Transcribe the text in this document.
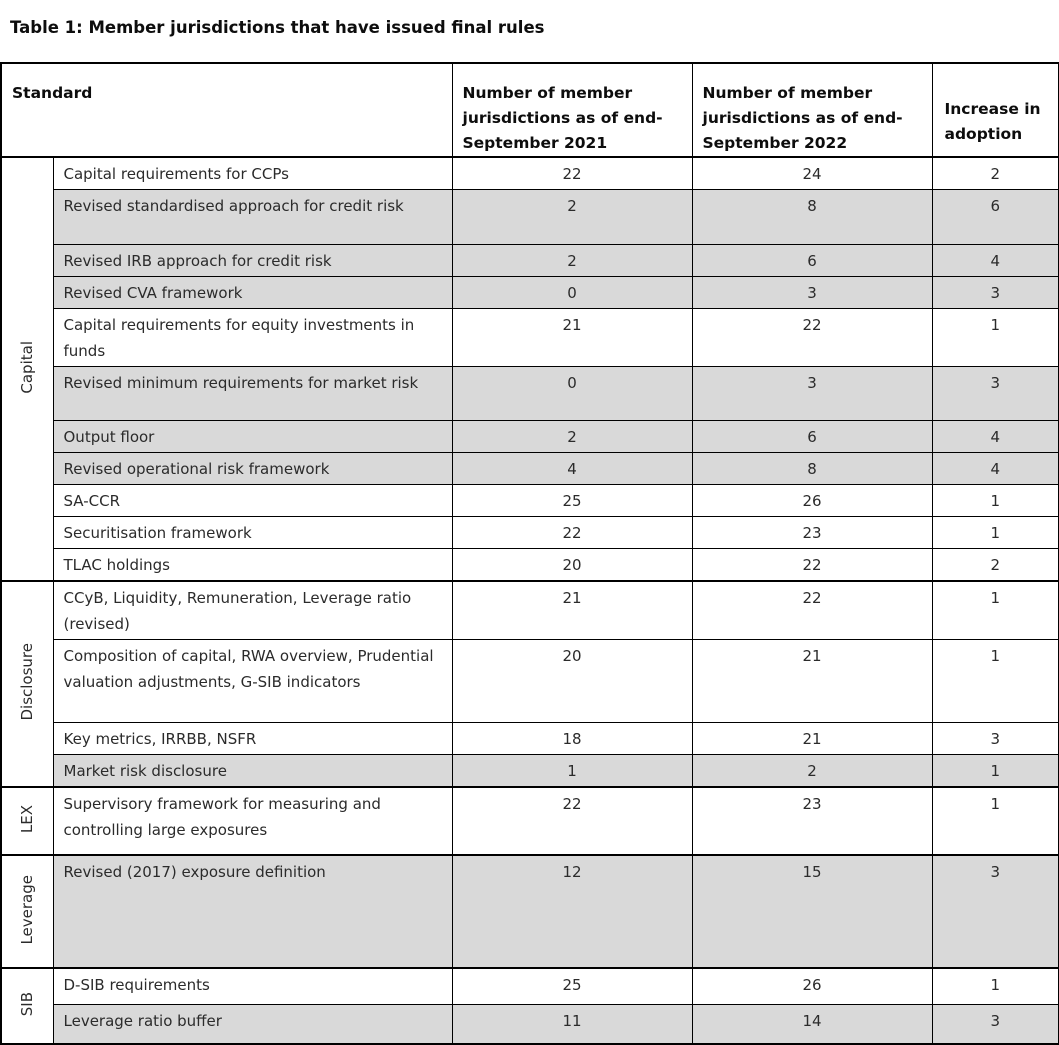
Table 1: Member jurisdictions that have issued final rules
Standard		Number of member jurisdictions as of end-September 2021	Number of member jurisdictions as of end-September 2022	Increase in adoption
Capital	Capital requirements for CCPs	22	24	2
	Revised standardised approach for credit risk	2	8	6
	Revised IRB approach for credit risk	2	6	4
	Revised CVA framework	0	3	3
	Capital requirements for equity investments in funds	21	22	1
	Revised minimum requirements for market risk	0	3	3
	Output floor	2	6	4
	Revised operational risk framework	4	8	4
	SA-CCR	25	26	1
	Securitisation framework	22	23	1
	TLAC holdings	20	22	2
Disclosure	CCyB, Liquidity, Remuneration, Leverage ratio (revised)	21	22	1
	Composition of capital, RWA overview, Prudential valuation adjustments, G-SIB indicators	20	21	1
	Key metrics, IRRBB, NSFR	18	21	3
	Market risk disclosure	1	2	1
LEX	Supervisory framework for measuring and controlling large exposures	22	23	1
Leverage	Revised (2017) exposure definition	12	15	3
SIB	D-SIB requirements	25	26	1
	Leverage ratio buffer	11	14	3
